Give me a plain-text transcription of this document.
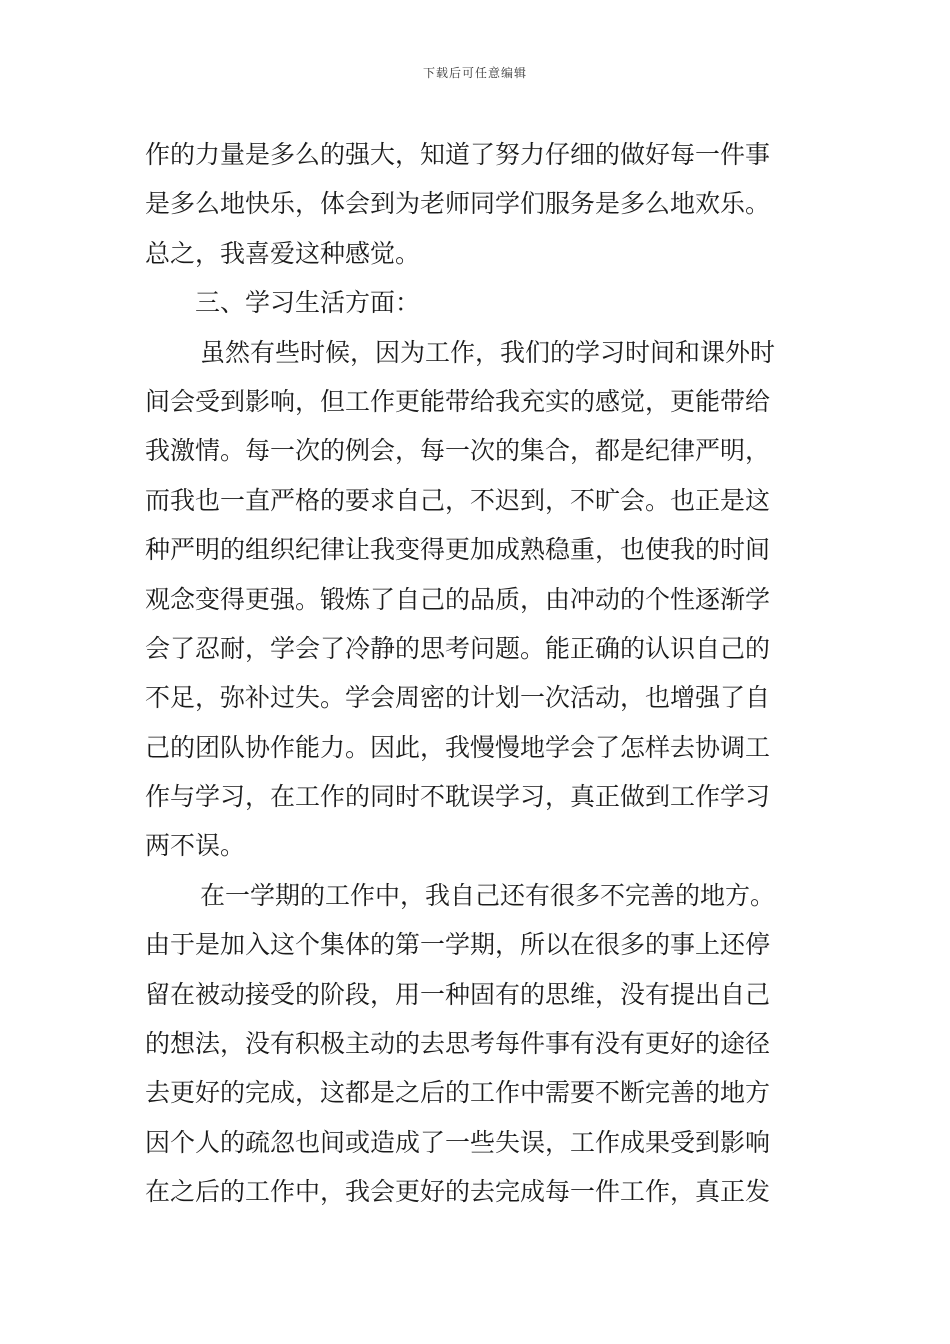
下载后可任意编辑
作的力量是多么的强大，知道了努力仔细的做好每一件事
是多么地快乐，体会到为老师同学们服务是多么地欢乐。
总之，我喜爱这种感觉。
三、学习生活方面：
虽然有些时候，因为工作，我们的学习时间和课外时
间会受到影响，但工作更能带给我充实的感觉，更能带给
我激情。每一次的例会，每一次的集合，都是纪律严明，
而我也一直严格的要求自己，不迟到，不旷会。也正是这
种严明的组织纪律让我变得更加成熟稳重，也使我的时间
观念变得更强。锻炼了自己的品质，由冲动的个性逐渐学
会了忍耐，学会了冷静的思考问题。能正确的认识自己的
不足，弥补过失。学会周密的计划一次活动，也增强了自
己的团队协作能力。因此，我慢慢地学会了怎样去协调工
作与学习，在工作的同时不耽误学习，真正做到工作学习
两不误。
在一学期的工作中，我自己还有很多不完善的地方。
由于是加入这个集体的第一学期，所以在很多的事上还停
留在被动接受的阶段，用一种固有的思维，没有提出自己
的想法，没有积极主动的去思考每件事有没有更好的途径
去更好的完成，这都是之后的工作中需要不断完善的地方
因个人的疏忽也间或造成了一些失误，工作成果受到影响
在之后的工作中，我会更好的去完成每一件工作，真正发
